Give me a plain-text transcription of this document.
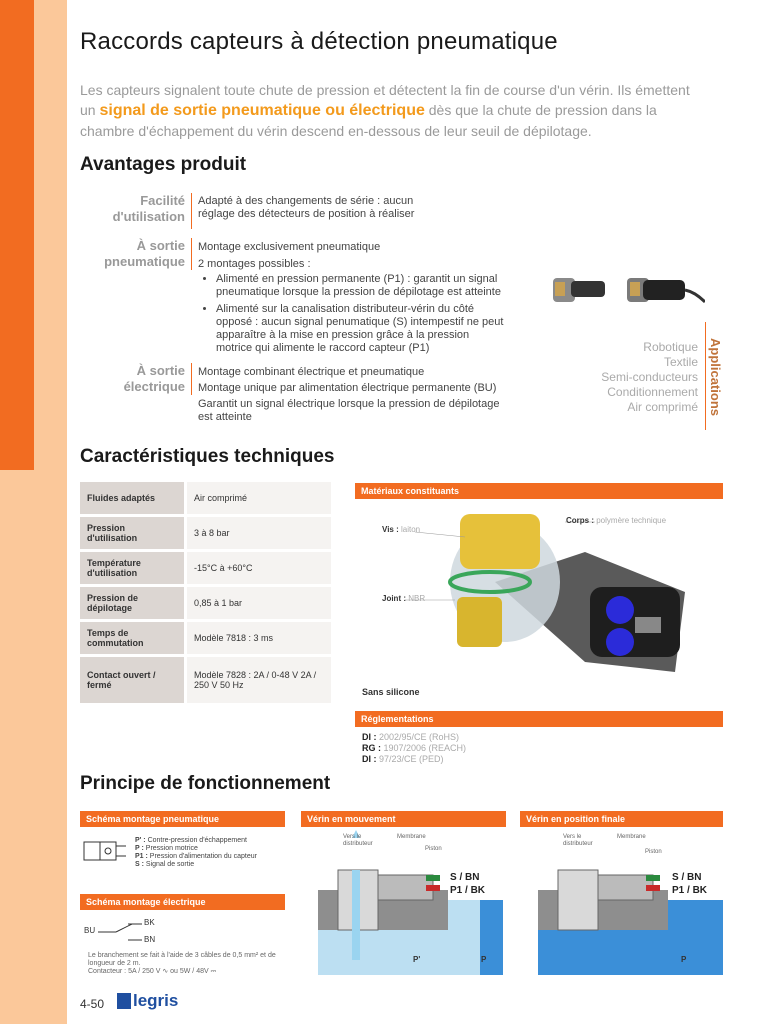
Raccords capteurs à détection pneumatique
Les capteurs signalent toute chute de pression et détectent la fin de course d'un vérin. Ils émettent un signal de sortie pneumatique ou électrique dès que la chute de pression dans la chambre d'échappement du vérin descend en-dessous de leur seuil de dépilotage.
Avantages produit
Facilité d'utilisation
Adapté à des changements de série : aucun réglage des détecteurs de position à réaliser
À sortie pneumatique
Montage exclusivement pneumatique
2 montages possibles :
• Alimenté en pression permanente (P1) : garantit un signal pneumatique lorsque la pression de dépilotage est atteinte
• Alimenté sur la canalisation distributeur-vérin du côté opposé : aucun signal penumatique (S) intempestif ne peut apparaître à la mise en pression grâce à la pression motrice qui alimente le raccord capteur (P1)
À sortie électrique
Montage combinant électrique et pneumatique
Montage unique par alimentation électrique permanente (BU)
Garantit un signal électrique lorsque la pression de dépilotage est atteinte
Applications
Robotique
Textile
Semi-conducteurs
Conditionnement
Air comprimé
Caractéristiques techniques
Fluides adaptés	Air comprimé
Pression d'utilisation	3 à 8 bar
Température d'utilisation	-15°C à +60°C
Pression de dépilotage	0,85 à 1 bar
Temps de commutation	Modèle 7818 : 3 ms
Contact ouvert / fermé	Modèle 7828 : 2A / 0-48 V 2A / 250 V 50 Hz
Matériaux constituants
Vis : laiton
Corps : polymère technique
Joint : NBR
Sans silicone
Réglementations
DI : 2002/95/CE (RoHS)
RG : 1907/2006 (REACH)
DI : 97/23/CE (PED)
Principe de fonctionnement
Schéma montage pneumatique
P' : Contre-pression d'échappement
P : Pression motrice
P1 : Pression d'alimentation du capteur
S : Signal de sortie
Schéma montage électrique
BU
BK
BN
Le branchement se fait à l'aide de 3 câbles de 0,5 mm² et de longueur de 2 m.
Contacteur : 5A / 250 V ∿ ou 5W / 48V ⎓
Vérin en mouvement
Vers le distributeur
Membrane
Piston
S / BN
P1 / BK
P'	P
Vérin en position finale
Vers le distributeur
Membrane
Piston
S / BN
P1 / BK
P
4-50 legris
